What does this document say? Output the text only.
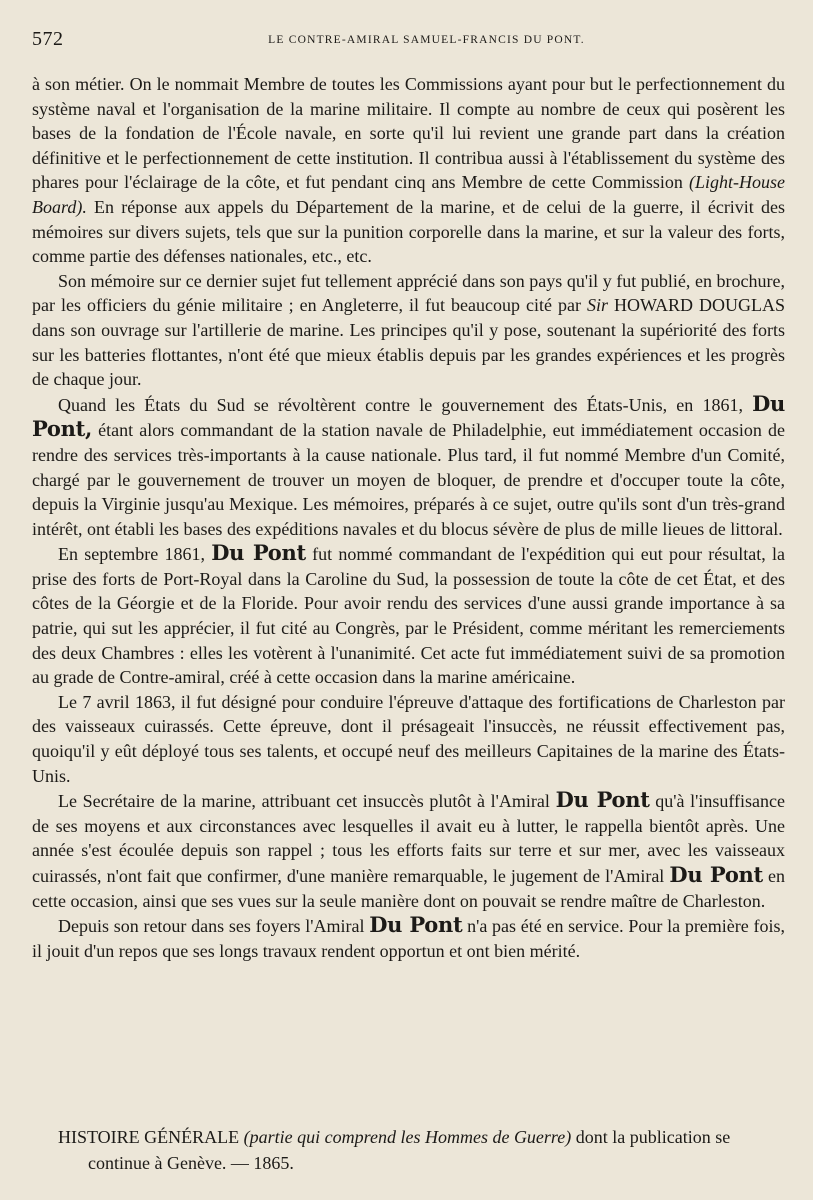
572	LE CONTRE-AMIRAL SAMUEL-FRANCIS DU PONT.

à son métier. On le nommait Membre de toutes les Commissions ayant pour but le perfectionnement du système naval et l'organisation de la marine militaire. Il compte au nombre de ceux qui posèrent les bases de la fondation de l'École navale, en sorte qu'il lui revient une grande part dans la création définitive et le perfectionnement de cette institution. Il contribua aussi à l'établissement du système des phares pour l'éclairage de la côte, et fut pendant cinq ans Membre de cette Commission (Light-House Board). En réponse aux appels du Département de la marine, et de celui de la guerre, il écrivit des mémoires sur divers sujets, tels que sur la punition corporelle dans la marine, et sur la valeur des forts, comme partie des défenses nationales, etc., etc.

Son mémoire sur ce dernier sujet fut tellement apprécié dans son pays qu'il y fut publié, en brochure, par les officiers du génie militaire ; en Angleterre, il fut beaucoup cité par Sir HOWARD DOUGLAS dans son ouvrage sur l'artillerie de marine. Les principes qu'il y pose, soutenant la supériorité des forts sur les batteries flottantes, n'ont été que mieux établis depuis par les grandes expériences et les progrès de chaque jour.

Quand les États du Sud se révoltèrent contre le gouvernement des États-Unis, en 1861, Du Pont, étant alors commandant de la station navale de Philadelphie, eut immédiatement occasion de rendre des services très-importants à la cause nationale. Plus tard, il fut nommé Membre d'un Comité, chargé par le gouvernement de trouver un moyen de bloquer, de prendre et d'occuper toute la côte, depuis la Virginie jusqu'au Mexique. Les mémoires, préparés à ce sujet, outre qu'ils sont d'un très-grand intérêt, ont établi les bases des expéditions navales et du blocus sévère de plus de mille lieues de littoral.

En septembre 1861, Du Pont fut nommé commandant de l'expédition qui eut pour résultat, la prise des forts de Port-Royal dans la Caroline du Sud, la possession de toute la côte de cet État, et des côtes de la Géorgie et de la Floride. Pour avoir rendu des services d'une aussi grande importance à sa patrie, qui sut les apprécier, il fut cité au Congrès, par le Président, comme méritant les remerciements des deux Chambres : elles les votèrent à l'unanimité. Cet acte fut immédiatement suivi de sa promotion au grade de Contre-amiral, créé à cette occasion dans la marine américaine.

Le 7 avril 1863, il fut désigné pour conduire l'épreuve d'attaque des fortifications de Charleston par des vaisseaux cuirassés. Cette épreuve, dont il présageait l'insuccès, ne réussit effectivement pas, quoiqu'il y eût déployé tous ses talents, et occupé neuf des meilleurs Capitaines de la marine des États-Unis.

Le Secrétaire de la marine, attribuant cet insuccès plutôt à l'Amiral Du Pont qu'à l'insuffisance de ses moyens et aux circonstances avec lesquelles il avait eu à lutter, le rappella bientôt après. Une année s'est écoulée depuis son rappel ; tous les efforts faits sur terre et sur mer, avec les vaisseaux cuirassés, n'ont fait que confirmer, d'une manière remarquable, le jugement de l'Amiral Du Pont en cette occasion, ainsi que ses vues sur la seule manière dont on pouvait se rendre maître de Charleston.

Depuis son retour dans ses foyers l'Amiral Du Pont n'a pas été en service. Pour la première fois, il jouit d'un repos que ses longs travaux rendent opportun et ont bien mérité.

HISTOIRE GÉNÉRALE (partie qui comprend les Hommes de Guerre) dont la publication se
continue à Genève. — 1865.
